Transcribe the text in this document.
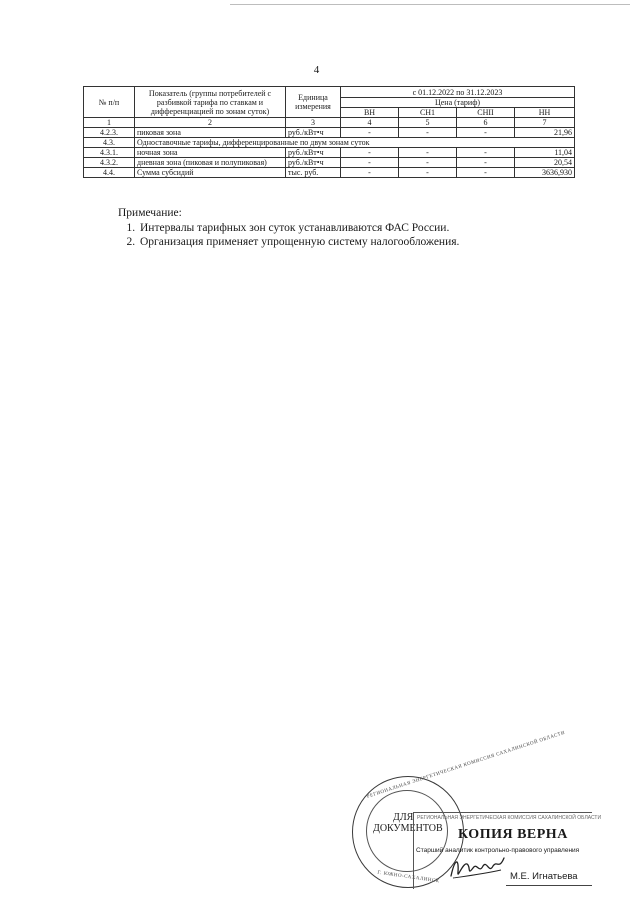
4
№ п/п	Показатель (группы потребителей с разбивкой тарифа по ставкам и дифференциацией по зонам суток)	Единица измерения	с 01.12.2022 по 31.12.2023			
			Цена (тариф)			
			ВН	СН1	СНII	НН
1	2	3	4	5	6	7
4.2.3.	пиковая зона	руб./кВт•ч	-	-	-	21,96
4.3.	Одноставочные тарифы, дифференцированные по двум зонам суток					
4.3.1.	ночная зона	руб./кВт•ч	-	-	-	11,04
4.3.2.	дневная зона (пиковая и полупиковая)	руб./кВт•ч	-	-	-	20,54
4.4.	Сумма субсидий	тыс. руб.	-	-	-	3636,930
Примечание:
1. Интервалы тарифных зон суток устанавливаются ФАС России.
2. Организация применяет упрощенную систему налогообложения.
РЕГИОНАЛЬНАЯ ЭНЕРГЕТИЧЕСКАЯ КОМИССИЯ САХАЛИНСКОЙ ОБЛАСТИ
Г. ЮЖНО-САХАЛИНСК
ДЛЯ
ДОКУМЕНТОВ
РЕГИОНАЛЬНАЯ ЭНЕРГЕТИЧЕСКАЯ КОМИССИЯ САХАЛИНСКОЙ ОБЛАСТИ
КОПИЯ ВЕРНА
Старший аналитик контрольно-правового управления
М.Е. Игнатьева
